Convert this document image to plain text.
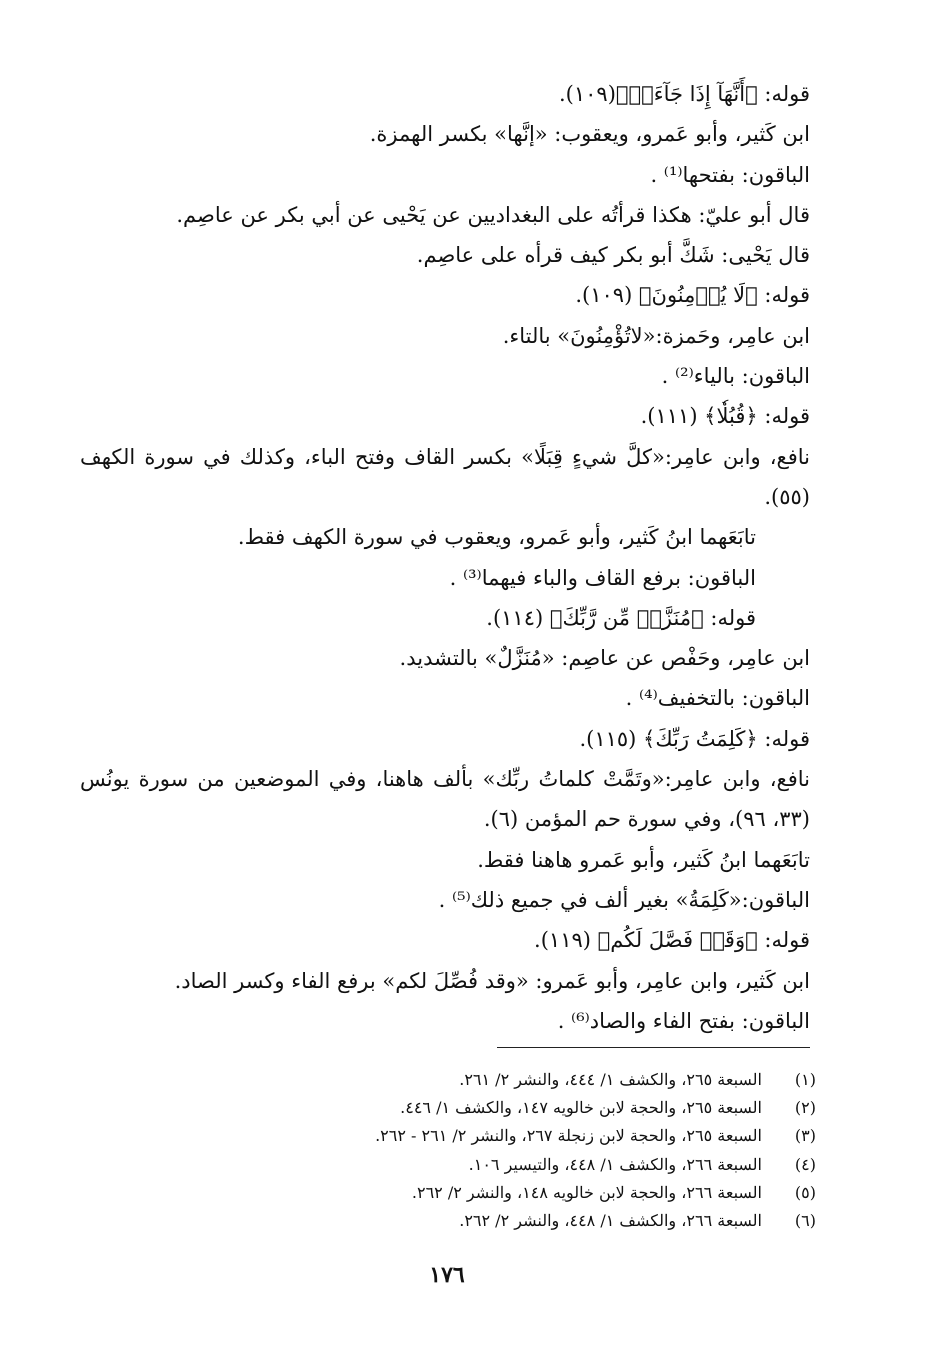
قوله: ﴿أَنَّهَآ إِذَا جَآءَتۡ﴾(١٠٩).
ابن كَثير، وأبو عَمرو، ويعقوب: «إنَّها» بكسر الهمزة.
الباقون: بفتحها⁽¹⁾ .
قال أبو عليّ: هكذا قرأتُه على البغداديين عن يَحْيى عن أبي بكر عن عاصِم.
قال يَحْيى: شَكَّ أبو بكر كيف قرأه على عاصِم.
قوله: ﴿لَا يُؤۡمِنُونَ﴾ (١٠٩).
ابن عامِر، وحَمزة:«لاتُؤْمِنُونَ» بالتاء.
الباقون: بالياء⁽²⁾ .
قوله: ﴿قُبُلٗا﴾ (١١١).
نافع، وابن عامِر:«كلَّ شيءٍ قِبَلًا» بكسر القاف وفتح الباء، وكذلك في سورة الكهف (٥٥).
تابَعَهما ابنُ كَثير، وأبو عَمرو، ويعقوب في سورة الكهف فقط.
الباقون: برفع القاف والباء فيهما⁽³⁾ .
قوله: ﴿مُنَزَّلٞ مِّن رَّبِّكَ﴾ (١١٤).
ابن عامِر، وحَفْص عن عاصِم: «مُنَزَّلٌ» بالتشديد.
الباقون: بالتخفيف⁽⁴⁾ .
قوله: ﴿كَلِمَتُ رَبِّكَ﴾ (١١٥).
نافع، وابن عامِر:«وتَمَّتْ كلماتُ ربِّك» بألف هاهنا، وفي الموضعين من سورة يونُس (٣٣، ٩٦)، وفي سورة حم المؤمن (٦).
تابَعَهما ابنُ كَثير، وأبو عَمرو هاهنا فقط.
الباقون:«كَلِمَةُ» بغير ألف في جميع ذلك⁽⁵⁾ .
قوله: ﴿وَقَدۡ فَصَّلَ لَكُم﴾ (١١٩).
ابن كَثير، وابن عامِر، وأبو عَمرو: «وقد فُصِّلَ لكم» برفع الفاء وكسر الصاد.
الباقون: بفتح الفاء والصاد⁽⁶⁾ .
(١)السبعة ٢٦٥، والكشف ١/ ٤٤٤، والنشر ٢/ ٢٦١.
(٢)السبعة ٢٦٥، والحجة لابن خالويه ١٤٧، والكشف ١/ ٤٤٦.
(٣)السبعة ٢٦٥، والحجة لابن زنجلة ٢٦٧، والنشر ٢/ ٢٦١ - ٢٦٢.
(٤)السبعة ٢٦٦، والكشف ١/ ٤٤٨، والتيسير ١٠٦.
(٥)السبعة ٢٦٦، والحجة لابن خالويه ١٤٨، والنشر ٢/ ٢٦٢.
(٦)السبعة ٢٦٦، والكشف ١/ ٤٤٨، والنشر ٢/ ٢٦٢.
١٧٦
